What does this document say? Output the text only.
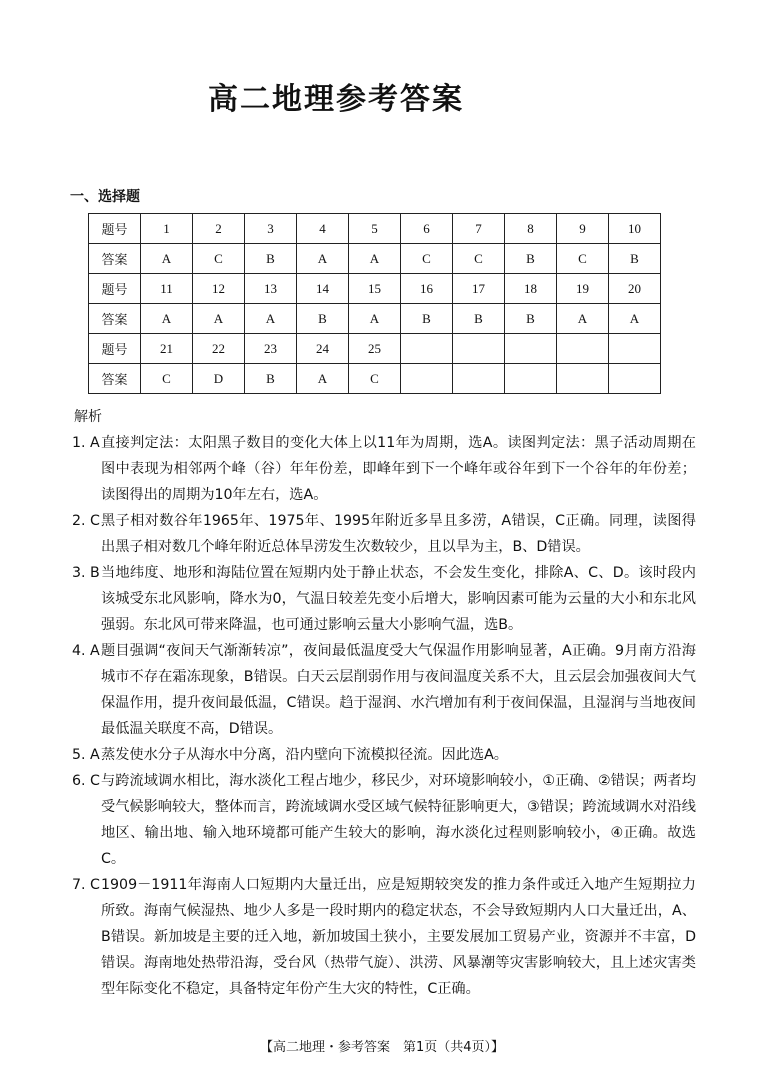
高二地理参考答案
一、选择题
题号	1	2	3	4	5	6	7	8	9	10
答案	A	C	B	A	A	C	C	B	C	B
题号	11	12	13	14	15	16	17	18	19	20
答案	A	A	A	B	A	B	B	B	A	A
题号	21	22	23	24	25					
答案	C	D	B	A	C					
解析
1. A 直接判定法：太阳黑子数目的变化大体上以11年为周期，选A。读图判定法：黑子活动周期在图中表现为相邻两个峰（谷）年年份差，即峰年到下一个峰年或谷年到下一个谷年的年份差；读图得出的周期为10年左右，选A。
2. C 黑子相对数谷年1965年、1975年、1995年附近多旱且多涝，A错误，C正确。同理，读图得出黑子相对数几个峰年附近总体旱涝发生次数较少，且以旱为主，B、D错误。
3. B 当地纬度、地形和海陆位置在短期内处于静止状态，不会发生变化，排除A、C、D。该时段内该城受东北风影响，降水为0，气温日较差先变小后增大，影响因素可能为云量的大小和东北风强弱。东北风可带来降温，也可通过影响云量大小影响气温，选B。
4. A 题目强调“夜间天气渐渐转凉”，夜间最低温度受大气保温作用影响显著，A正确。9月南方沿海城市不存在霜冻现象，B错误。白天云层削弱作用与夜间温度关系不大，且云层会加强夜间大气保温作用，提升夜间最低温，C错误。趋于湿润、水汽增加有利于夜间保温，且湿润与当地夜间最低温关联度不高，D错误。
5. A 蒸发使水分子从海水中分离，沿内壁向下流模拟径流。因此选A。
6. C 与跨流域调水相比，海水淡化工程占地少，移民少，对环境影响较小，①正确、②错误；两者均受气候影响较大，整体而言，跨流域调水受区域气候特征影响更大，③错误；跨流域调水对沿线地区、输出地、输入地环境都可能产生较大的影响，海水淡化过程则影响较小，④正确。故选C。
7. C 1909－1911年海南人口短期内大量迁出，应是短期较突发的推力条件或迁入地产生短期拉力所致。海南气候湿热、地少人多是一段时期内的稳定状态，不会导致短期内人口大量迁出，A、B错误。新加坡是主要的迁入地，新加坡国土狭小，主要发展加工贸易产业，资源并不丰富，D错误。海南地处热带沿海，受台风（热带气旋）、洪涝、风暴潮等灾害影响较大，且上述灾害类型年际变化不稳定，具备特定年份产生大灾的特性，C正确。
【高二地理・参考答案　第1页（共4页）】
